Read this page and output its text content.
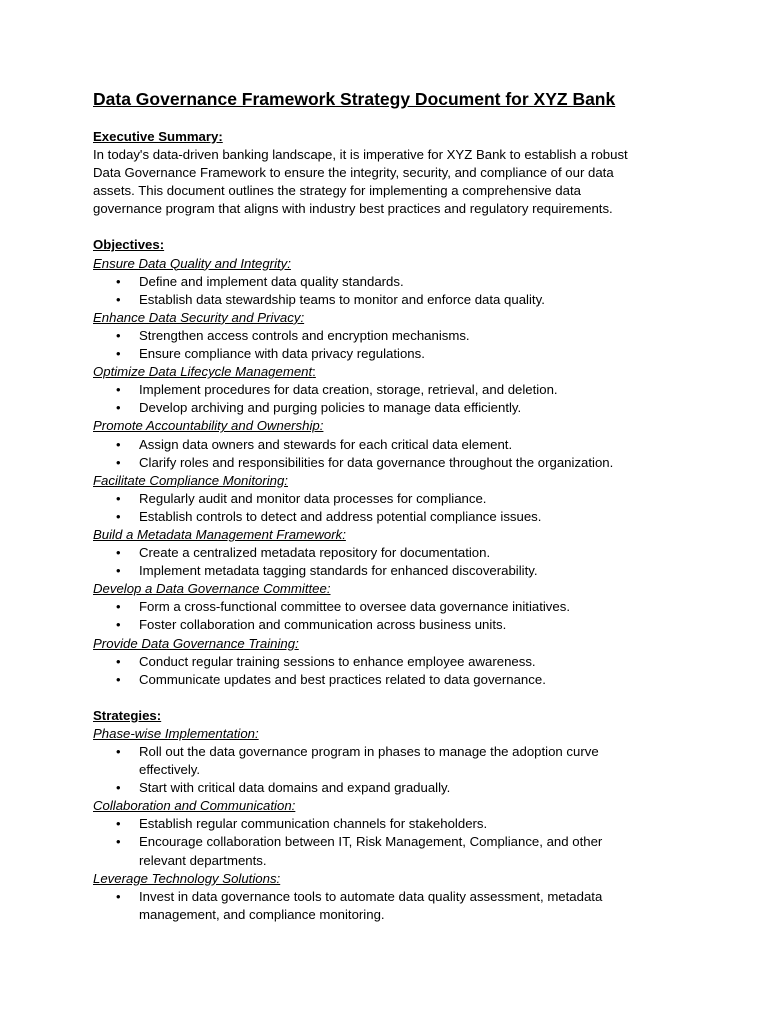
Data Governance Framework Strategy Document for XYZ Bank
Executive Summary:
In today's data-driven banking landscape, it is imperative for XYZ Bank to establish a robust
Data Governance Framework to ensure the integrity, security, and compliance of our data
assets. This document outlines the strategy for implementing a comprehensive data
governance program that aligns with industry best practices and regulatory requirements.
Objectives:
Ensure Data Quality and Integrity:
• Define and implement data quality standards.
• Establish data stewardship teams to monitor and enforce data quality.
Enhance Data Security and Privacy:
• Strengthen access controls and encryption mechanisms.
• Ensure compliance with data privacy regulations.
Optimize Data Lifecycle Management:
• Implement procedures for data creation, storage, retrieval, and deletion.
• Develop archiving and purging policies to manage data efficiently.
Promote Accountability and Ownership:
• Assign data owners and stewards for each critical data element.
• Clarify roles and responsibilities for data governance throughout the organization.
Facilitate Compliance Monitoring:
• Regularly audit and monitor data processes for compliance.
• Establish controls to detect and address potential compliance issues.
Build a Metadata Management Framework:
• Create a centralized metadata repository for documentation.
• Implement metadata tagging standards for enhanced discoverability.
Develop a Data Governance Committee:
• Form a cross-functional committee to oversee data governance initiatives.
• Foster collaboration and communication across business units.
Provide Data Governance Training:
• Conduct regular training sessions to enhance employee awareness.
• Communicate updates and best practices related to data governance.
Strategies:
Phase-wise Implementation:
• Roll out the data governance program in phases to manage the adoption curve
effectively.
• Start with critical data domains and expand gradually.
Collaboration and Communication:
• Establish regular communication channels for stakeholders.
• Encourage collaboration between IT, Risk Management, Compliance, and other
relevant departments.
Leverage Technology Solutions:
• Invest in data governance tools to automate data quality assessment, metadata
management, and compliance monitoring.
